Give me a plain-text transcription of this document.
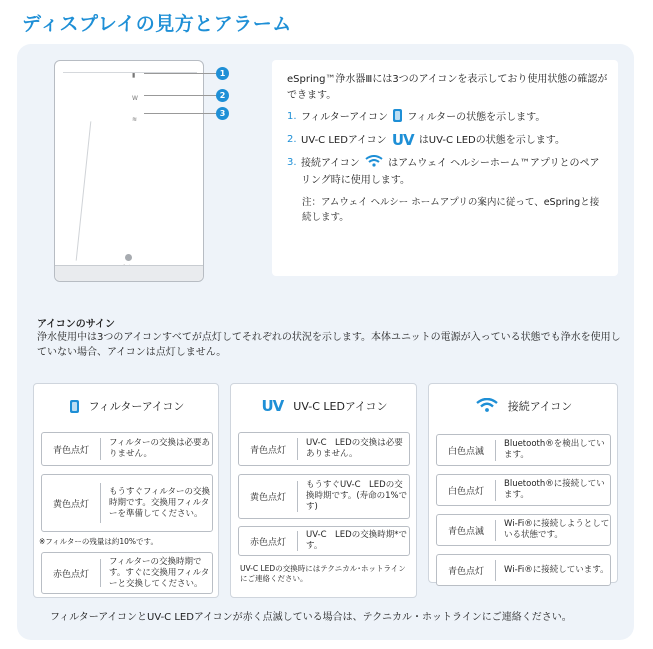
ディスプレイの見方とアラーム
▮
W
≋
1
2
3

eSpring™浄水器Ⅲには3つのアイコンを表示しており使用状態の確認ができます。

1. フィルターアイコン フィルターの状態を示します。
2. UV-C LEDアイコン UV はUV-C LEDの状態を示します。
3. 接続アイコン	はアムウェイ ヘルシーホーム™アプリとのペアリング時に使用します。
注：アムウェイ ヘルシー ホームアプリの案内に従って、eSpringと接続します。
アイコンのサイン
浄水使用中は3つのアイコンすべてが点灯してそれぞれの状況を示します。本体ユニットの電源が入っている状態でも浄水を使用していない場合、アイコンは点灯しません。
フィルターアイコン
青色点灯
フィルターの交換は必要ありません。
黄色点灯
もうすぐフィルターの交換時期です。交換用フィルターを準備してください。
※フィルターの残量は約10%です。
赤色点灯
フィルターの交換時期です。すぐに交換用フィルターと交換してください。
UV UV-C LEDアイコン
青色点灯
UV-C　LEDの交換は必要ありません。
黄色点灯
もうすぐUV-C　LEDの交換時期です。(寿命の1%です)
赤色点灯
UV-C　LEDの交換時期*です。
UV-C LEDの交換時にはテクニカル･ホットラインにご連絡ください。
接続アイコン
白色点滅
Bluetooth®を検出しています。
白色点灯
Bluetooth®に接続しています。
青色点滅
Wi-Fi®に接続しようとしている状態です。
青色点灯	Wi-Fi®に接続しています。
フィルターアイコンとUV-C LEDアイコンが赤く点滅している場合は、テクニカル・ホットラインにご連絡ください。
